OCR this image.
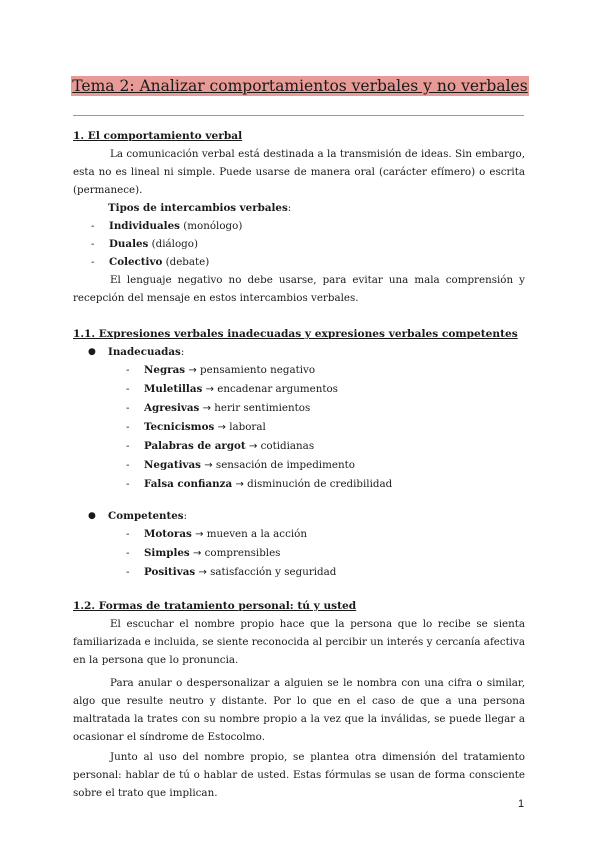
Tema 2: Analizar comportamientos verbales y no verbales
1. El comportamiento verbal

La comunicación verbal está destinada a la transmisión de ideas. Sin embargo, esta no es lineal ni simple. Puede usarse de manera oral (carácter efímero) o escrita (permanece).

Tipos de intercambios verbales:
- Individuales (monólogo)
- Duales (diálogo)
- Colectivo (debate)

El lenguaje negativo no debe usarse, para evitar una mala comprensión y recepción del mensaje en estos intercambios verbales.

1.1. Expresiones verbales inadecuadas y expresiones verbales competentes
● Inadecuadas:
- Negras → pensamiento negativo
- Muletillas → encadenar argumentos
- Agresivas → herir sentimientos
- Tecnicismos → laboral
- Palabras de argot → cotidianas
- Negativas → sensación de impedimento
- Falsa confianza → disminución de credibilidad
● Competentes:
- Motoras → mueven a la acción
- Simples → comprensibles
- Positivas → satisfacción y seguridad
1.2. Formas de tratamiento personal: tú y usted

El escuchar el nombre propio hace que la persona que lo recibe se sienta familiarizada e incluida, se siente reconocida al percibir un interés y cercanía afectiva en la persona que lo pronuncia.

Para anular o despersonalizar a alguien se le nombra con una cifra o similar, algo que resulte neutro y distante. Por lo que en el caso de que a una persona maltratada la trates con su nombre propio a la vez que la inválidas, se puede llegar a ocasionar el síndrome de Estocolmo.

Junto al uso del nombre propio, se plantea otra dimensión del tratamiento personal: hablar de tú o hablar de usted. Estas fórmulas se usan de forma consciente sobre el trato que implican.

1
